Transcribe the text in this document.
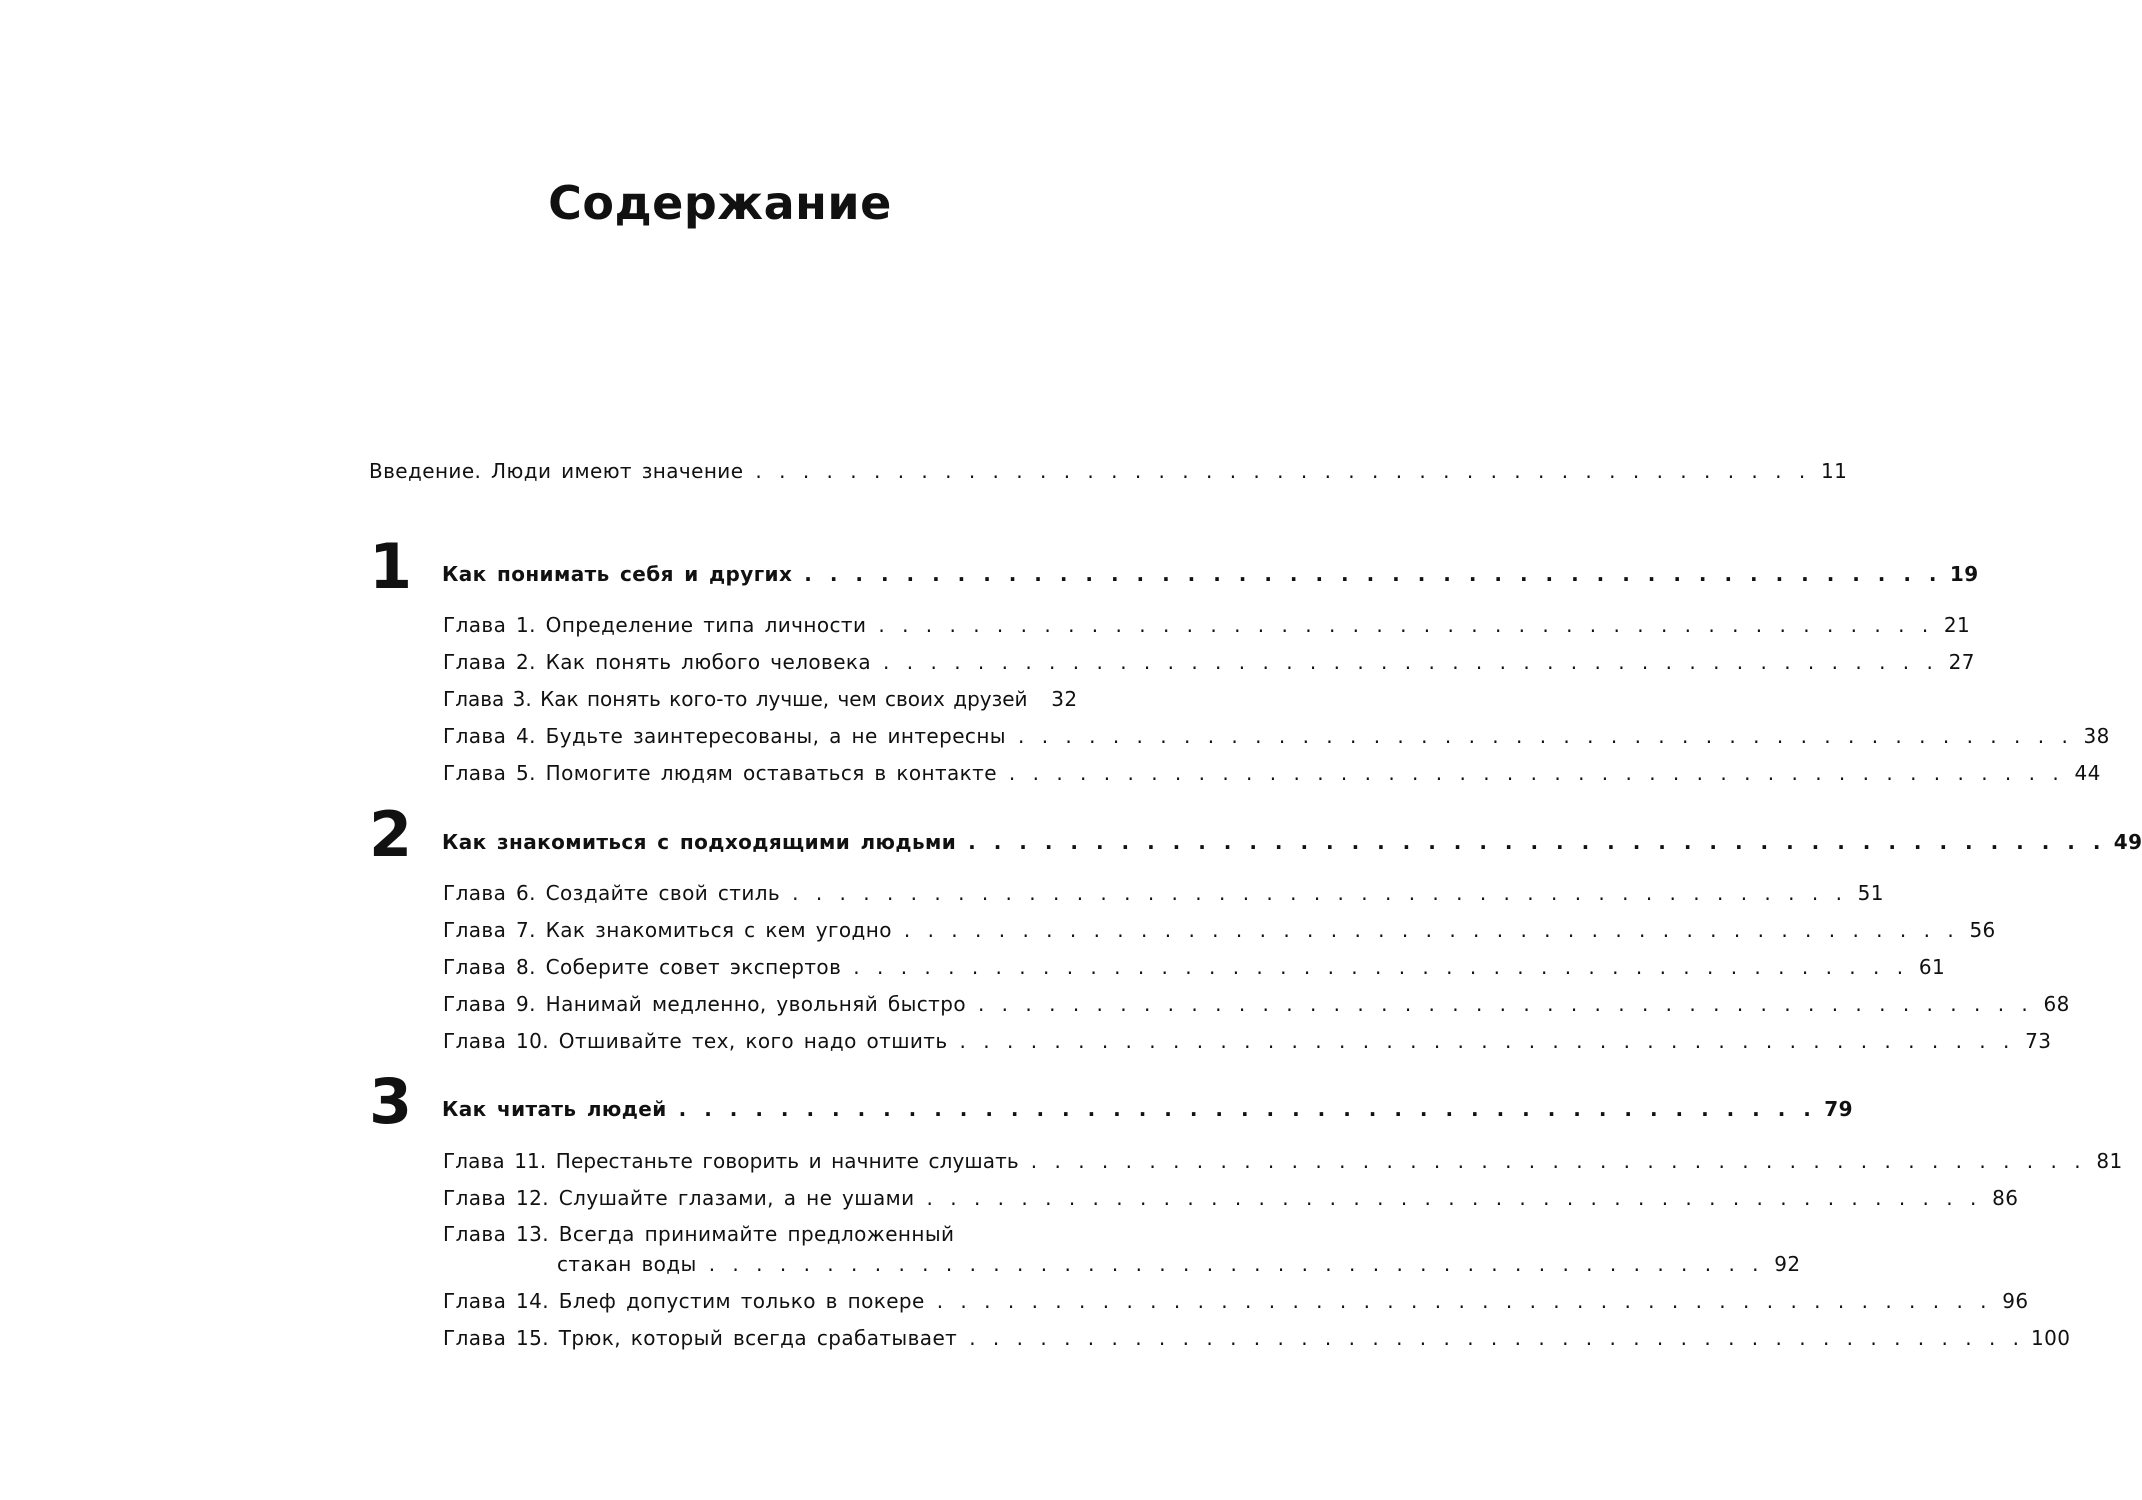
Содержание
Введение. Люди имеют значение . . . . . . . . . . . . . . . . . . . . . . . . . . . . . . . . . . . . . . . . . . . . . 11
1 Как понимать себя и других . . . . . . . . . . . . . . . . . . . . . . . . . . . . . . . . . . . . . . . . . . . . . 19
Глава 1. Определение типа личности . . . . . . . . . . . . . . . . . . . . . . . . . . . . . . . . . . . . . . . . . . . . . 21
Глава 2. Как понять любого человека . . . . . . . . . . . . . . . . . . . . . . . . . . . . . . . . . . . . . . . . . . . . . 27
Глава 3. Как понять кого-то лучше, чем своих друзей 32
Глава 4. Будьте заинтересованы, а не интересны . . . . . . . . . . . . . . . . . . . . . . . . . . . . . . . . . . . . . . . . . . . . . 38
Глава 5. Помогите людям оставаться в контакте . . . . . . . . . . . . . . . . . . . . . . . . . . . . . . . . . . . . . . . . . . . . . 44
2 Как знакомиться с подходящими людьми . . . . . . . . . . . . . . . . . . . . . . . . . . . . . . . . . . . . . . . . . . . . . 49
Глава 6. Создайте свой стиль . . . . . . . . . . . . . . . . . . . . . . . . . . . . . . . . . . . . . . . . . . . . . 51
Глава 7. Как знакомиться с кем угодно . . . . . . . . . . . . . . . . . . . . . . . . . . . . . . . . . . . . . . . . . . . . . 56
Глава 8. Соберите совет экспертов . . . . . . . . . . . . . . . . . . . . . . . . . . . . . . . . . . . . . . . . . . . . . 61
Глава 9. Нанимай медленно, увольняй быстро . . . . . . . . . . . . . . . . . . . . . . . . . . . . . . . . . . . . . . . . . . . . . 68
Глава 10. Отшивайте тех, кого надо отшить . . . . . . . . . . . . . . . . . . . . . . . . . . . . . . . . . . . . . . . . . . . . . 73
3 Как читать людей . . . . . . . . . . . . . . . . . . . . . . . . . . . . . . . . . . . . . . . . . . . . . 79
Глава 11. Перестаньте говорить и начните слушать . . . . . . . . . . . . . . . . . . . . . . . . . . . . . . . . . . . . . . . . . . . . . 81
Глава 12. Слушайте глазами, а не ушами . . . . . . . . . . . . . . . . . . . . . . . . . . . . . . . . . . . . . . . . . . . . . 86
Глава 13. Всегда принимайте предложенный
стакан воды . . . . . . . . . . . . . . . . . . . . . . . . . . . . . . . . . . . . . . . . . . . . . 92
Глава 14. Блеф допустим только в покере . . . . . . . . . . . . . . . . . . . . . . . . . . . . . . . . . . . . . . . . . . . . . 96
Глава 15. Трюк, который всегда срабатывает . . . . . . . . . . . . . . . . . . . . . . . . . . . . . . . . . . . . . . . . . . . . . 100
